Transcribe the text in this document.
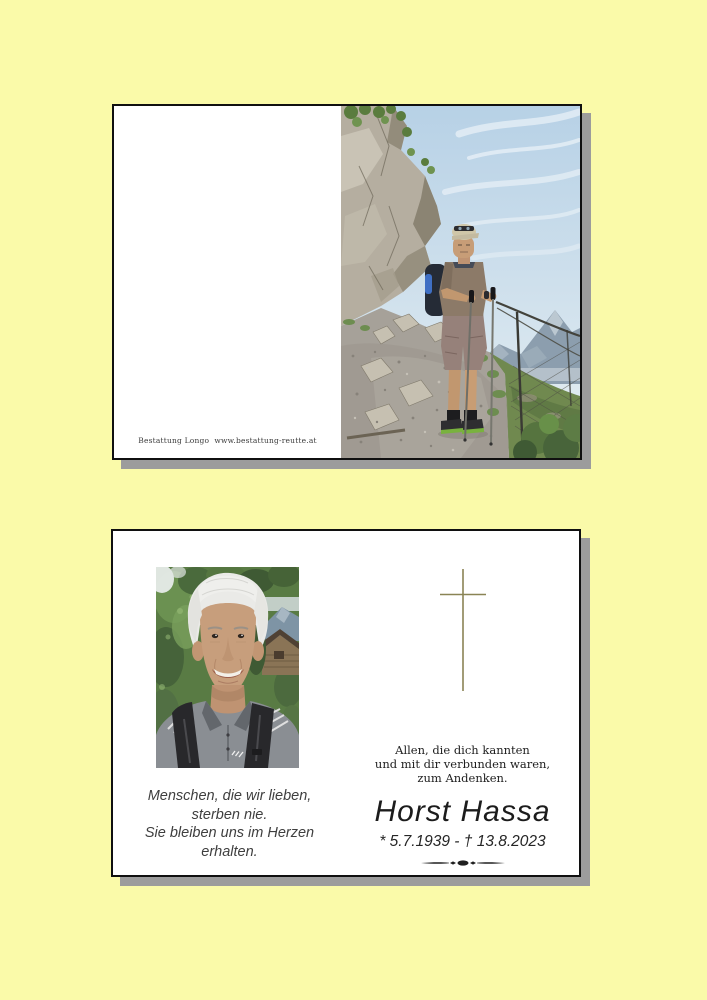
Bestattung Longo  www.bestattung-reutte.at
Menschen, die wir lieben,
sterben nie.
Sie bleiben uns im Herzen
erhalten.
Allen, die dich kannten
und mit dir verbunden waren,
zum Andenken.
Horst Hassa
* 5.7.1939 - † 13.8.2023
